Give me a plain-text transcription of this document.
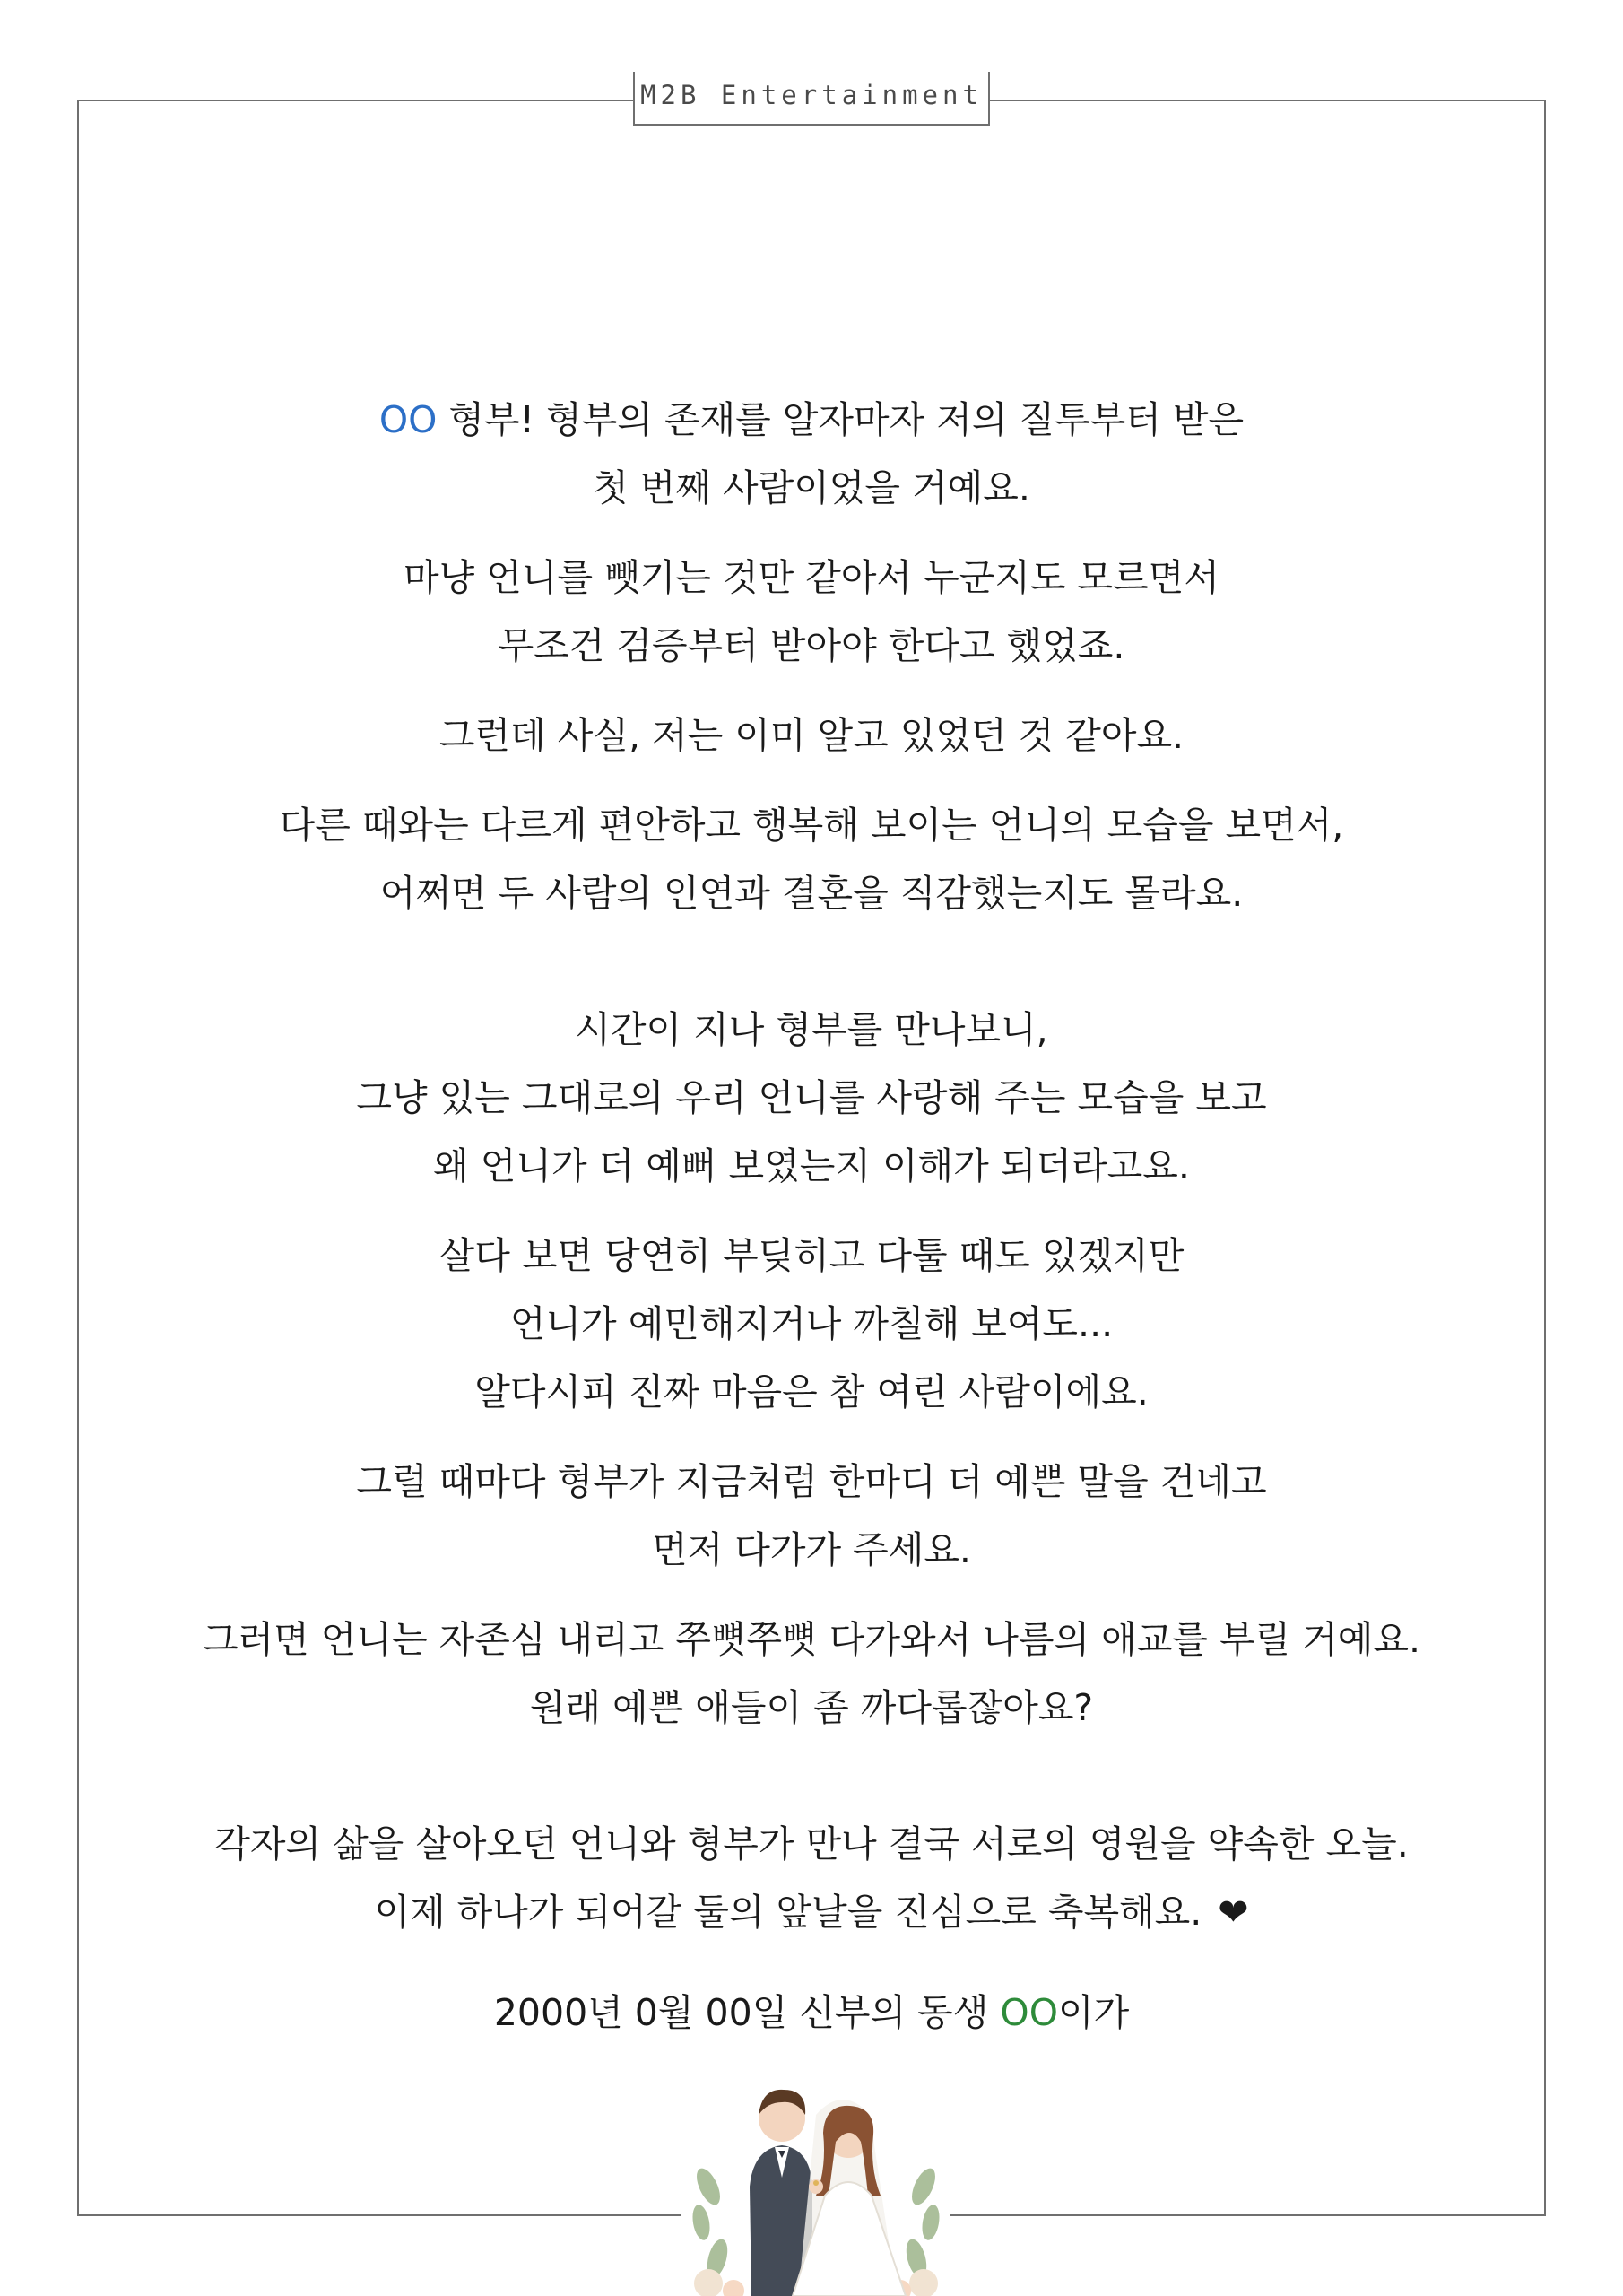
M2B Entertainment

OO 형부! 형부의 존재를 알자마자 저의 질투부터 받은
첫 번째 사람이었을 거예요.

마냥 언니를 뺏기는 것만 같아서 누군지도 모르면서
무조건 검증부터 받아야 한다고 했었죠.

그런데 사실, 저는 이미 알고 있었던 것 같아요.

다른 때와는 다르게 편안하고 행복해 보이는 언니의 모습을 보면서,
어쩌면 두 사람의 인연과 결혼을 직감했는지도 몰라요.

시간이 지나 형부를 만나보니,
그냥 있는 그대로의 우리 언니를 사랑해 주는 모습을 보고
왜 언니가 더 예뻐 보였는지 이해가 되더라고요.

살다 보면 당연히 부딪히고 다툴 때도 있겠지만
언니가 예민해지거나 까칠해 보여도...
알다시피 진짜 마음은 참 여린 사람이에요.

그럴 때마다 형부가 지금처럼 한마디 더 예쁜 말을 건네고
먼저 다가가 주세요.

그러면 언니는 자존심 내리고 쭈뼛쭈뼛 다가와서 나름의 애교를 부릴 거예요.
원래 예쁜 애들이 좀 까다롭잖아요?

각자의 삶을 살아오던 언니와 형부가 만나 결국 서로의 영원을 약속한 오늘.
이제 하나가 되어갈 둘의 앞날을 진심으로 축복해요. ❤

2000년 0월 00일 신부의 동생 OO이가
